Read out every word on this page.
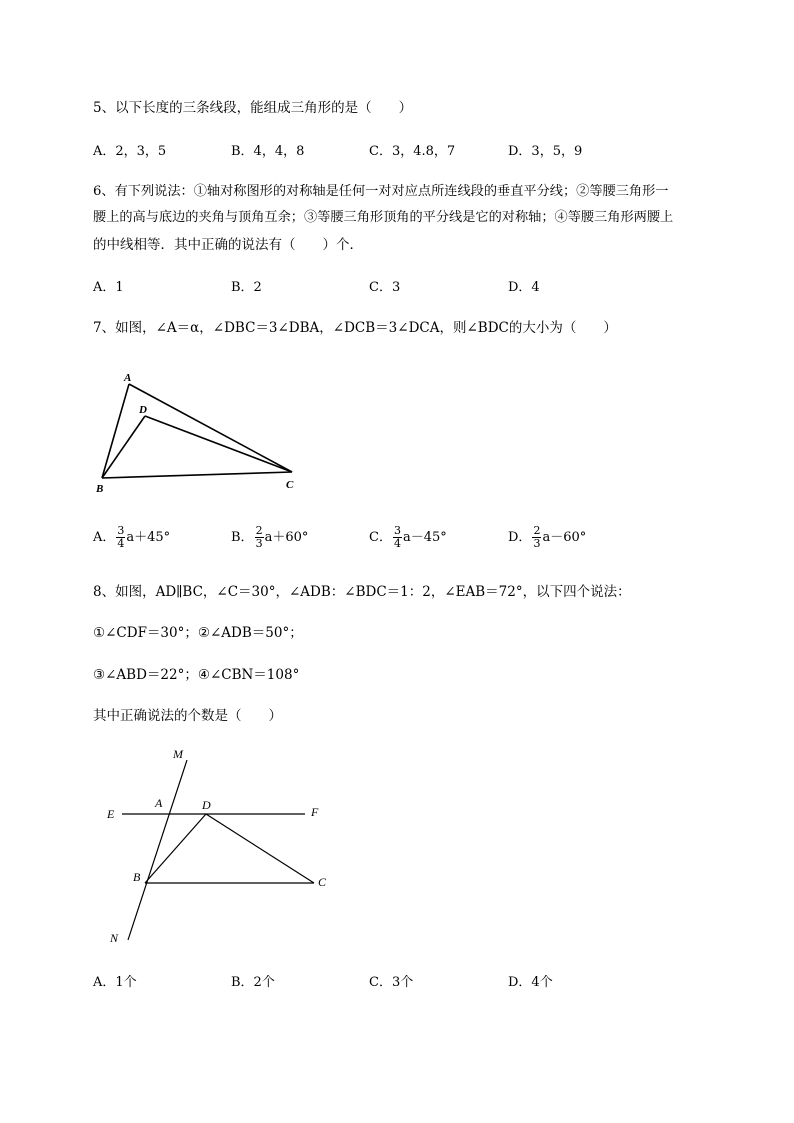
5、以下长度的三条线段，能组成三角形的是（　　）
A．2，3，5	B．4，4，8	C．3，4.8，7	D．3，5，9
6、有下列说法：①轴对称图形的对称轴是任何一对对应点所连线段的垂直平分线；②等腰三角形一
腰上的高与底边的夹角与顶角互余；③等腰三角形顶角的平分线是它的对称轴；④等腰三角形两腰上
的中线相等．其中正确的说法有（　　）个．
A．1	B．2	C．3	D．4
7、如图，∠A＝α，∠DBC＝3∠DBA，∠DCB＝3∠DCA，则∠BDC的大小为（　　）
A
D
B	C
A． $\frac{3}{4} a+45^\circ$	B． $\frac{2}{3} a+60^\circ$	C． $\frac{3}{4} a-45^\circ$	D． $\frac{2}{3} a-60^\circ$
8、如图，AD∥BC，∠C＝30°，∠ADB：∠BDC＝1：2，∠EAB＝72°，以下四个说法：
①∠CDF＝30°；②∠ADB＝50°；
③∠ABD＝22°；④∠CBN＝108°
其中正确说法的个数是（　　）
M
A	D
E	F
B	C
N
A．1个	B．2个	C．3个	D．4个
